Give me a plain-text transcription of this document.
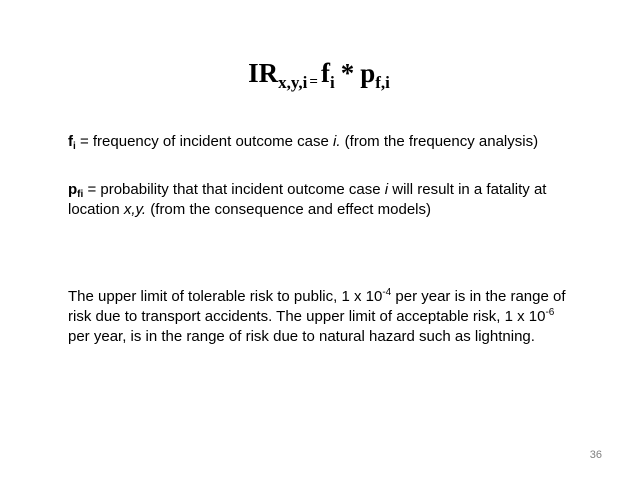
$IR_{x,y,i} = f_i * p_{f,i}$
$f_i$ = frequency of incident outcome case i. (from the frequency analysis)
$p_{fi}$ = probability that that incident outcome case i will result in a fatality at location x,y. (from the consequence and effect models)
The upper limit of tolerable risk to public, 1 x $10^{-4}$ per year is in the range of risk due to transport accidents. The upper limit of acceptable risk, 1 x $10^{-6}$ per year, is in the range of risk due to natural hazard such as lightning.
36
